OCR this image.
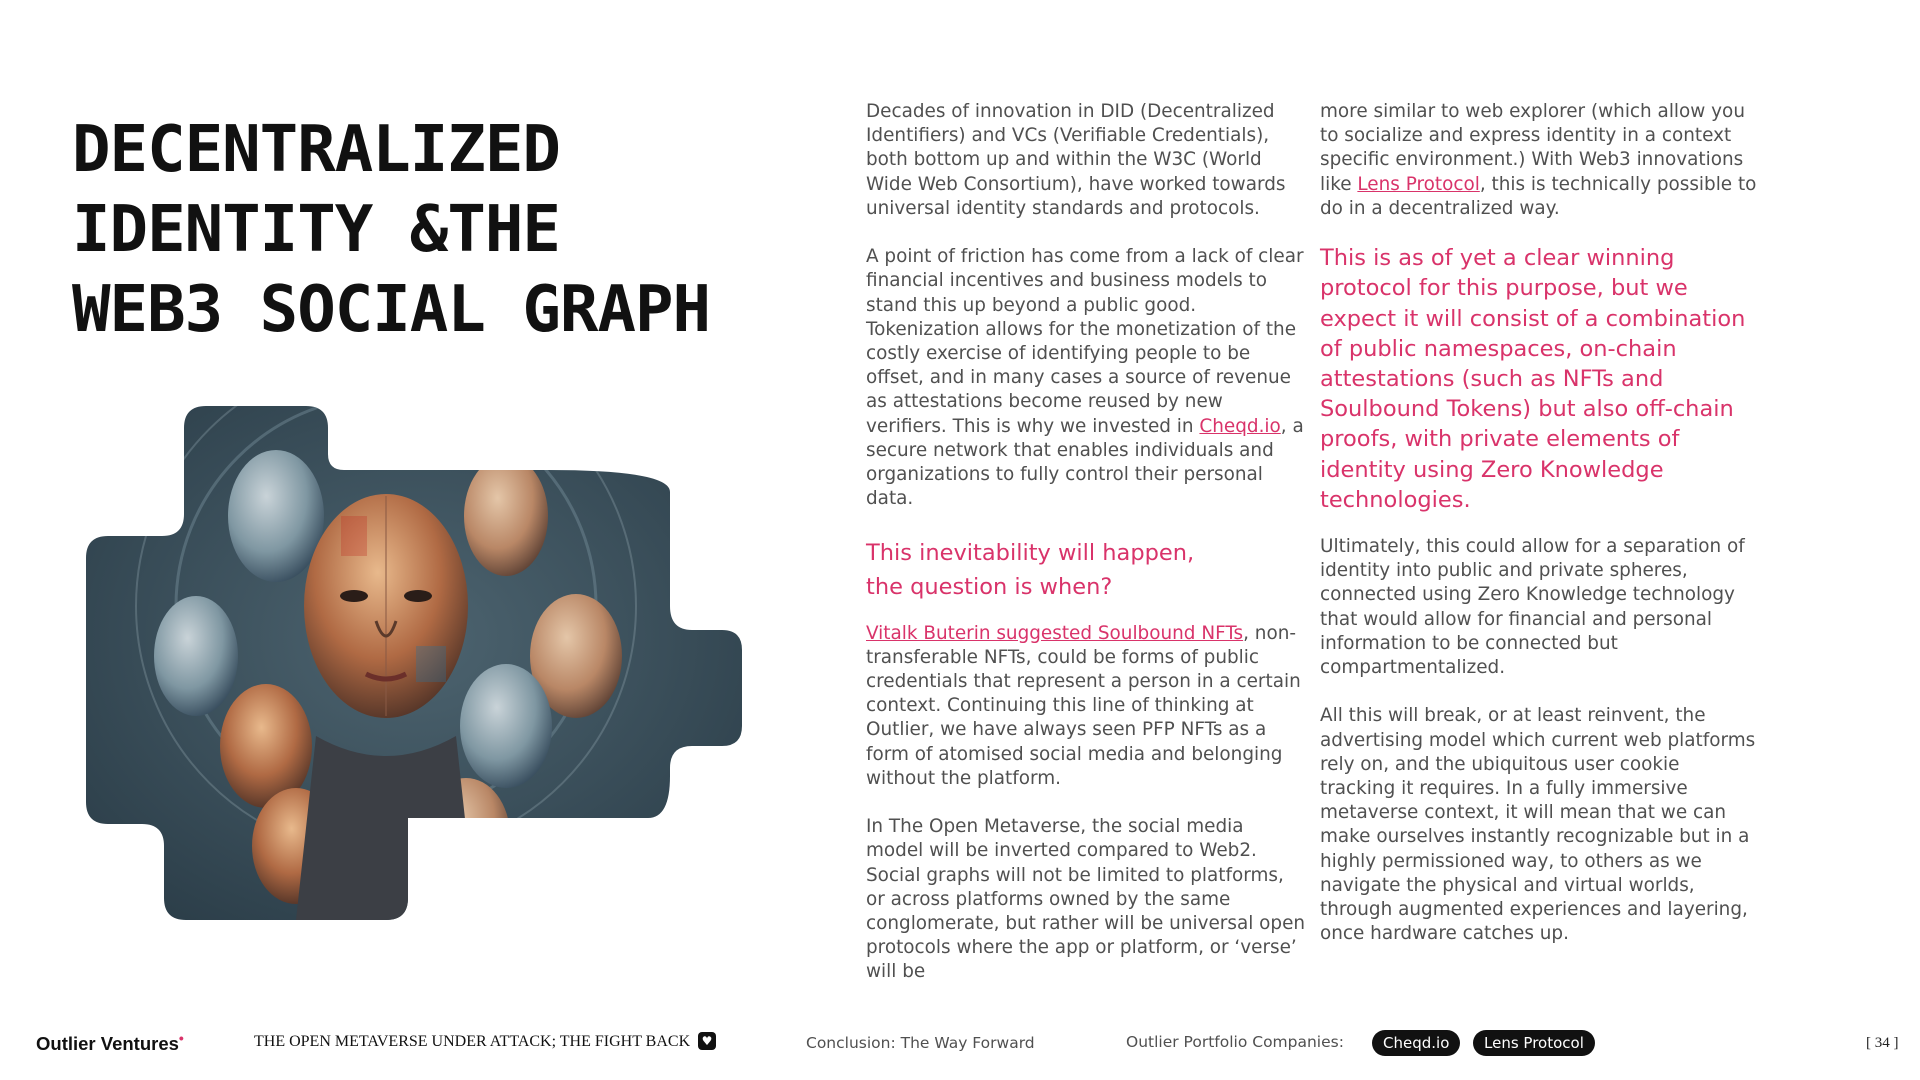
DECENTRALIZED
IDENTITY &THE
WEB3 SOCIAL GRAPH

Decades of innovation in DID (Decentralized Identifiers) and VCs (Verifiable Credentials), both bottom up and within the W3C (World Wide Web Consortium), have worked towards universal identity standards and protocols.

A point of friction has come from a lack of clear financial incentives and business models to stand this up beyond a public good. Tokenization allows for the monetization of the costly exercise of identifying people to be offset, and in many cases a source of revenue as attestations become reused by new verifiers. This is why we invested in Cheqd.io, a secure network that enables individuals and organizations to fully control their personal data.

This inevitability will happen,
the question is when?

Vitalk Buterin suggested Soulbound NFTs, non-transferable NFTs, could be forms of public credentials that represent a person in a certain context. Continuing this line of thinking at Outlier, we have always seen PFP NFTs as a form of atomised social media and belonging without the platform.

In The Open Metaverse, the social media model will be inverted compared to Web2. Social graphs will not be limited to platforms, or across platforms owned by the same conglomerate, but rather will be universal open protocols where the app or platform, or ‘verse’ will be

more similar to web explorer (which allow you to socialize and express identity in a context specific environment.) With Web3 innovations like Lens Protocol, this is technically possible to do in a decentralized way.

This is as of yet a clear winning protocol for this purpose, but we expect it will consist of a combination of public namespaces, on-chain attestations (such as NFTs and Soulbound Tokens) but also off-chain proofs, with private elements of identity using Zero Knowledge technologies.

Ultimately, this could allow for a separation of identity into public and private spheres, connected using Zero Knowledge technology that would allow for financial and personal information to be connected but compartmentalized.

All this will break, or at least reinvent, the advertising model which current web platforms rely on, and the ubiquitous user cookie tracking it requires. In a fully immersive metaverse context, it will mean that we can make ourselves instantly recognizable but in a highly permissioned way, to others as we navigate the physical and virtual worlds, through augmented experiences and layering, once hardware catches up.

Outlier Ventures•	THE OPEN METAVERSE UNDER ATTACK; THE FIGHT BACK ♥	Conclusion: The Way Forward	Outlier Portfolio Companies:	Cheqd.io	Lens Protocol	[ 34 ]
